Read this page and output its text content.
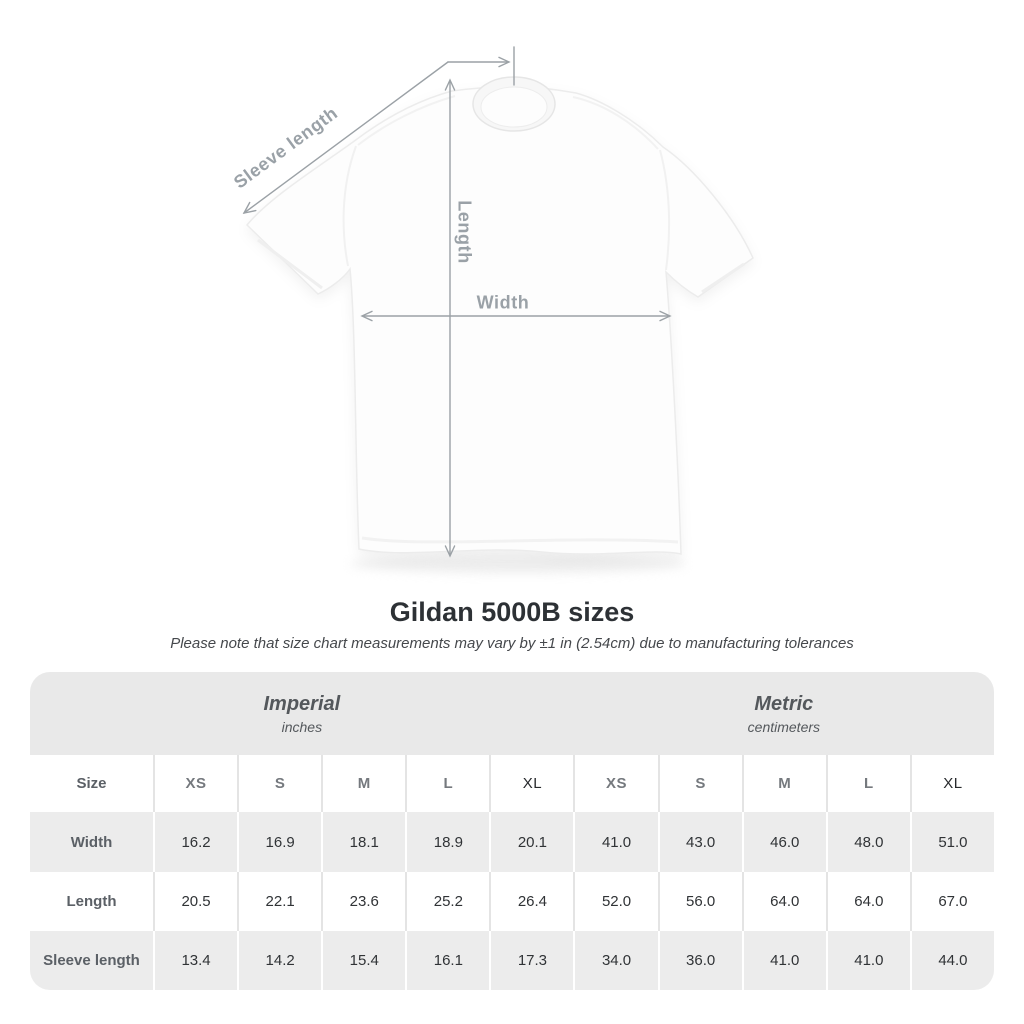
Sleeve length
Length
Width
Gildan 5000B sizes

Please note that size chart measurements may vary by ±1 in (2.54cm) due to manufacturing tolerances

Imperial
inches
Metric
centimeters
Size	XS	S	M	L	XL	XS	S	M	L	XL
Width	16.2	16.9	18.1	18.9	20.1	41.0	43.0	46.0	48.0	51.0
Length	20.5	22.1	23.6	25.2	26.4	52.0	56.0	64.0	64.0	67.0
Sleeve length	13.4	14.2	15.4	16.1	17.3	34.0	36.0	41.0	41.0	44.0
